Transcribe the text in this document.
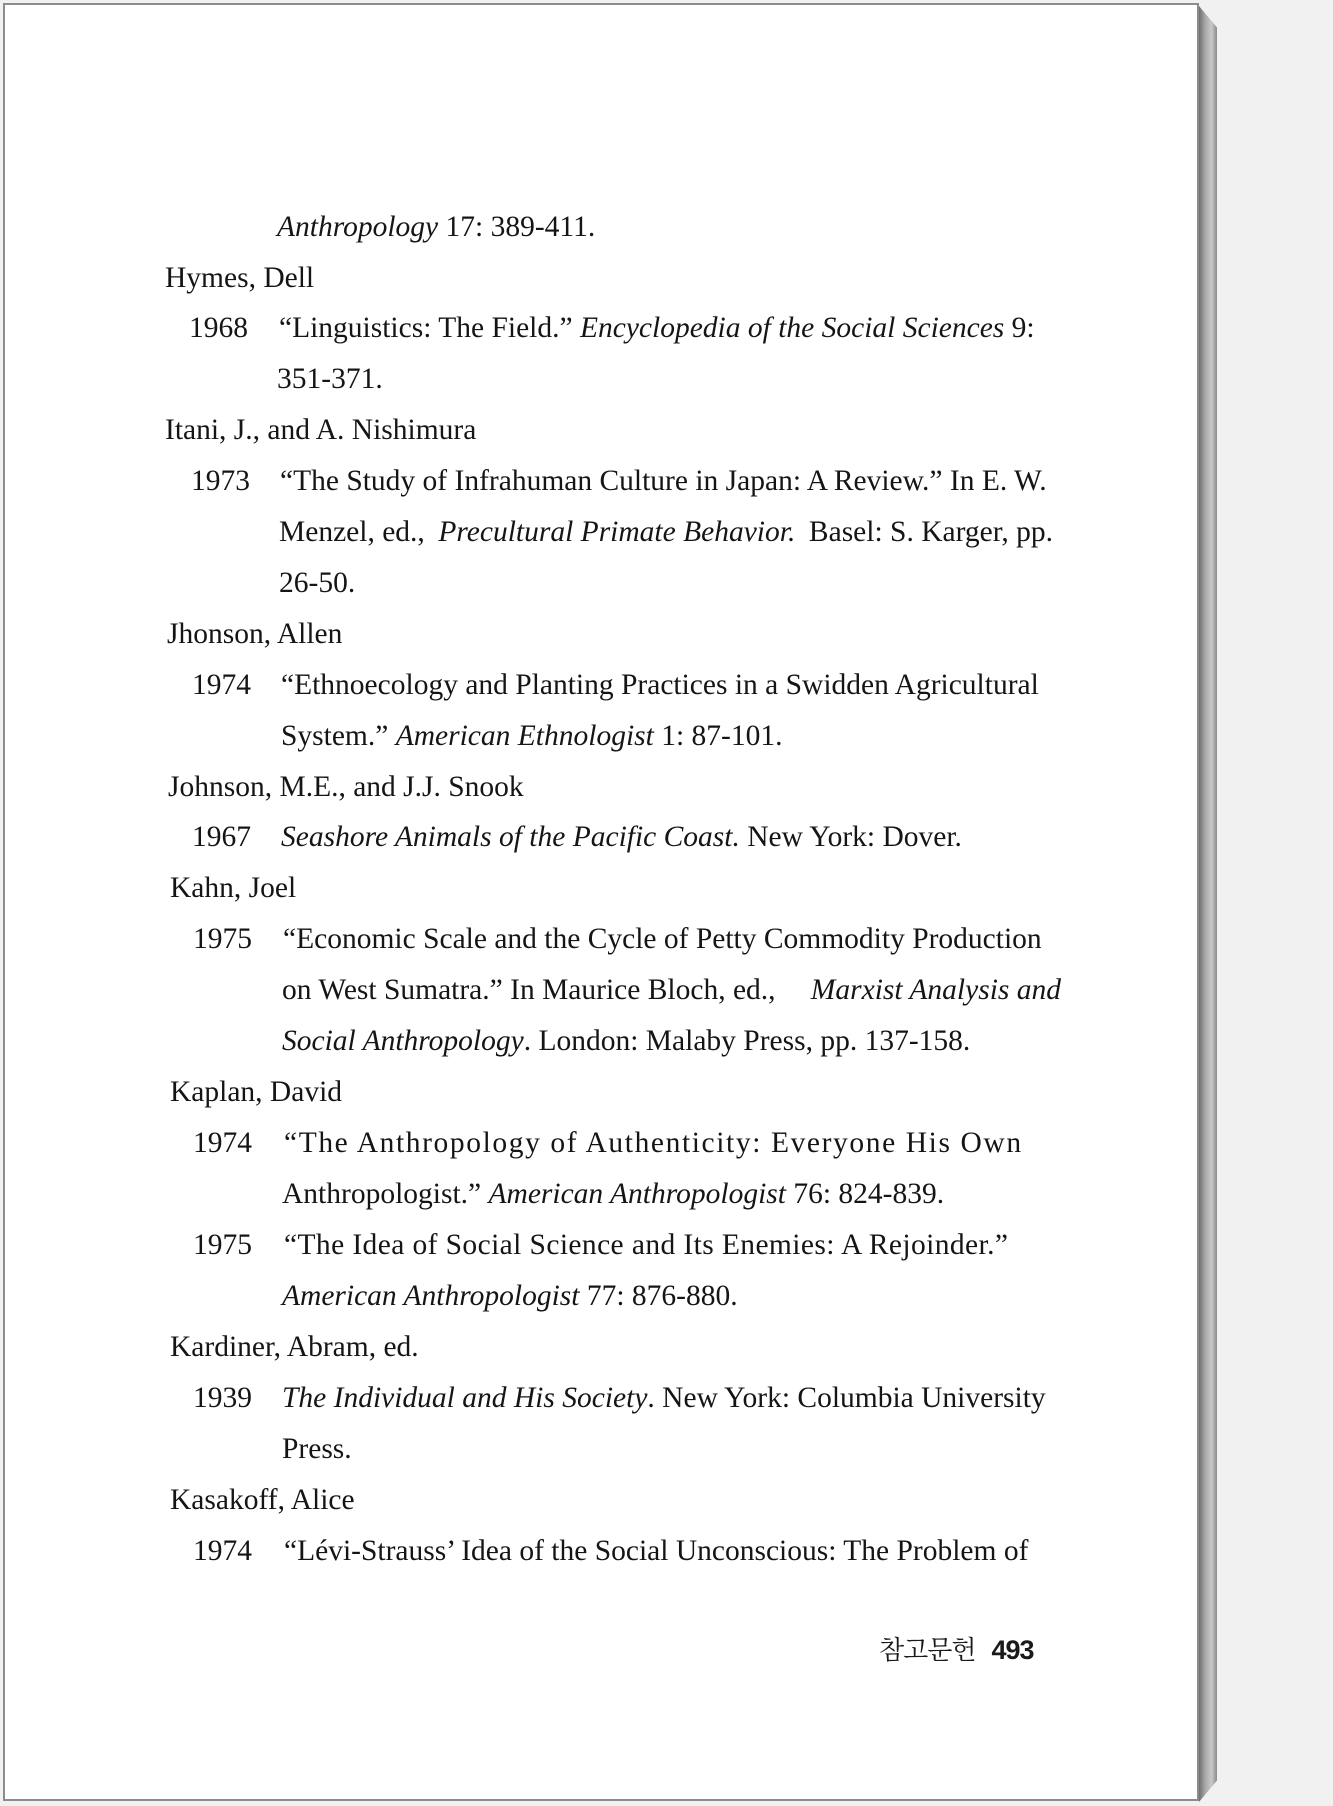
Anthropology 17: 389-411.
Hymes, Dell
1968 “Linguistics: The Field.” Encyclopedia of the Social Sciences 9:
351-371.
Itani, J., and A. Nishimura
1973 “The Study of Infrahuman Culture in Japan: A Review.” In E. W.
Menzel, ed., Precultural Primate Behavior. Basel: S. Karger, pp.
26-50.
Jhonson, Allen
1974 “Ethnoecology and Planting Practices in a Swidden Agricultural
System.” American Ethnologist 1: 87-101.
Johnson, M.E., and J.J. Snook
1967 Seashore Animals of the Pacific Coast. New York: Dover.
Kahn, Joel
1975 “Economic Scale and the Cycle of Petty Commodity Production
on West Sumatra.” In Maurice Bloch, ed., Marxist Analysis and
Social Anthropology. London: Malaby Press, pp. 137-158.
Kaplan, David
1974 “The Anthropology of Authenticity: Everyone His Own
Anthropologist.” American Anthropologist 76: 824-839.
1975 “The Idea of Social Science and Its Enemies: A Rejoinder.”
American Anthropologist 77: 876-880.
Kardiner, Abram, ed.
1939 The Individual and His Society. New York: Columbia University
Press.
Kasakoff, Alice
1974 “Lévi-Strauss’ Idea of the Social Unconscious: The Problem of
참고문헌 493
